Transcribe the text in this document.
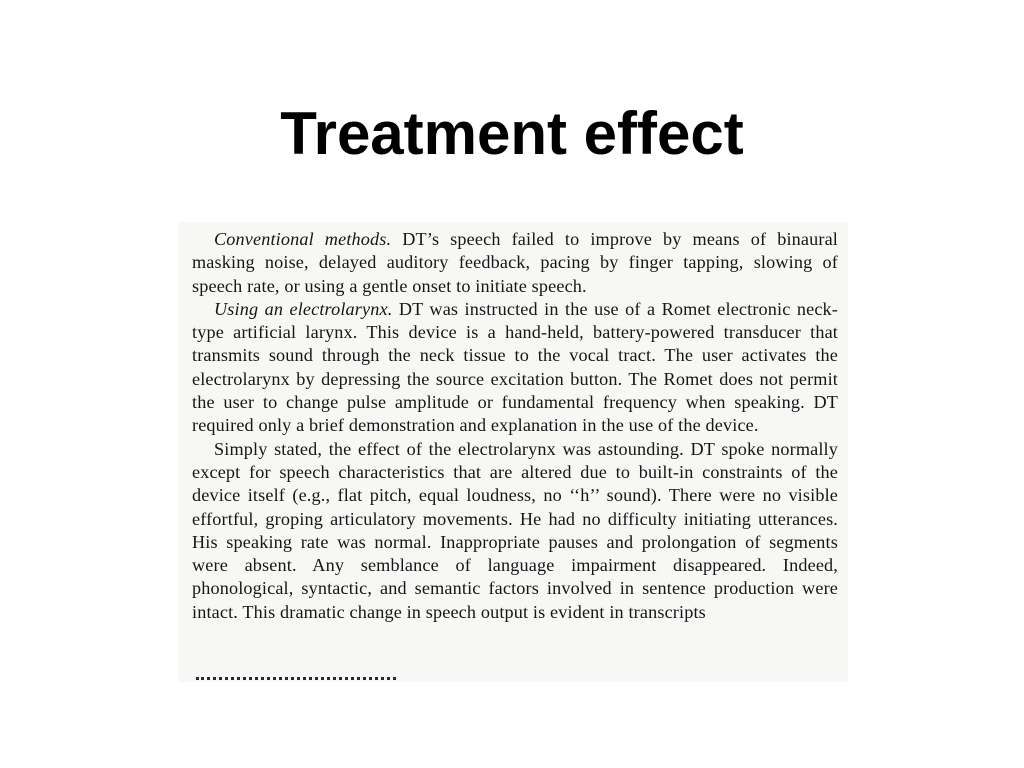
Treatment effect

Conventional methods. DT’s speech failed to improve by means of binaural masking noise, delayed auditory feedback, pacing by finger tapping, slowing of speech rate, or using a gentle onset to initiate speech.

Using an electrolarynx. DT was instructed in the use of a Romet electronic neck-type artificial larynx. This device is a hand-held, battery-powered transducer that transmits sound through the neck tissue to the vocal tract. The user activates the electrolarynx by depressing the source excitation button. The Romet does not permit the user to change pulse amplitude or fundamental frequency when speaking. DT required only a brief demonstration and explanation in the use of the device.

Simply stated, the effect of the electrolarynx was astounding. DT spoke normally except for speech characteristics that are altered due to built-in constraints of the device itself (e.g., flat pitch, equal loudness, no ‘‘h’’ sound). There were no visible effortful, groping articulatory movements. He had no difficulty initiating utterances. His speaking rate was normal. Inappropriate pauses and prolongation of segments were absent. Any semblance of language impairment disappeared. Indeed, phonological, syntactic, and semantic factors involved in sentence production were intact. This dramatic change in speech output is evident in transcripts
